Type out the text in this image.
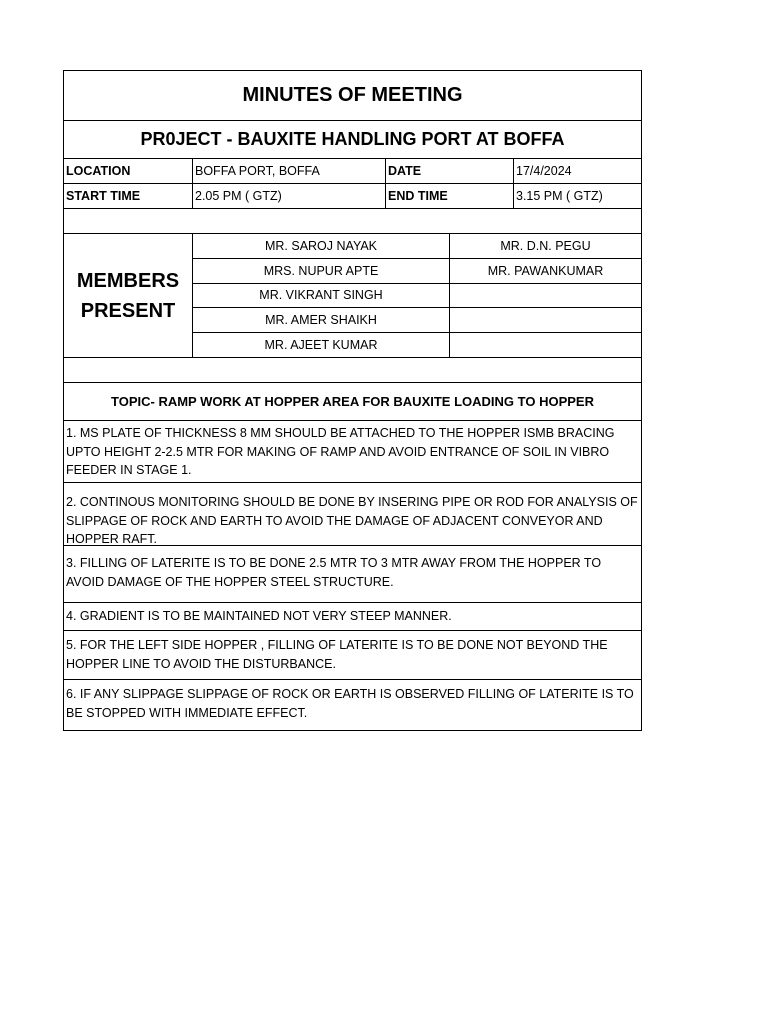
MINUTES OF MEETING
PR0JECT - BAUXITE HANDLING PORT AT BOFFA
LOCATION	BOFFA PORT, BOFFA	DATE	17/4/2024
START TIME	2.05 PM ( GTZ)	END TIME	3.15 PM ( GTZ)
MEMBERS
PRESENT
MR. SAROJ NAYAK	MR. D.N. PEGU
MRS. NUPUR APTE	MR. PAWANKUMAR
MR. VIKRANT SINGH
MR. AMER SHAIKH
MR. AJEET KUMAR
TOPIC- RAMP WORK AT HOPPER AREA FOR BAUXITE LOADING TO HOPPER
1. MS PLATE OF THICKNESS 8 MM SHOULD BE ATTACHED TO THE HOPPER ISMB BRACING UPTO HEIGHT 2-2.5 MTR FOR MAKING OF RAMP AND AVOID ENTRANCE OF SOIL IN VIBRO FEEDER IN STAGE 1.
2. CONTINOUS MONITORING SHOULD BE DONE BY INSERING PIPE OR ROD FOR ANALYSIS OF SLIPPAGE OF ROCK AND EARTH TO AVOID THE DAMAGE OF ADJACENT CONVEYOR AND HOPPER RAFT.
3. FILLING OF LATERITE IS TO BE DONE 2.5 MTR TO 3 MTR AWAY FROM THE HOPPER TO AVOID DAMAGE OF THE HOPPER STEEL STRUCTURE.
4. GRADIENT IS TO BE MAINTAINED NOT VERY STEEP MANNER.
5. FOR THE LEFT SIDE HOPPER , FILLING OF LATERITE IS TO BE DONE NOT BEYOND THE HOPPER LINE TO AVOID THE DISTURBANCE.
6. IF ANY SLIPPAGE SLIPPAGE OF ROCK OR EARTH IS OBSERVED FILLING OF LATERITE IS TO BE STOPPED WITH IMMEDIATE EFFECT.
